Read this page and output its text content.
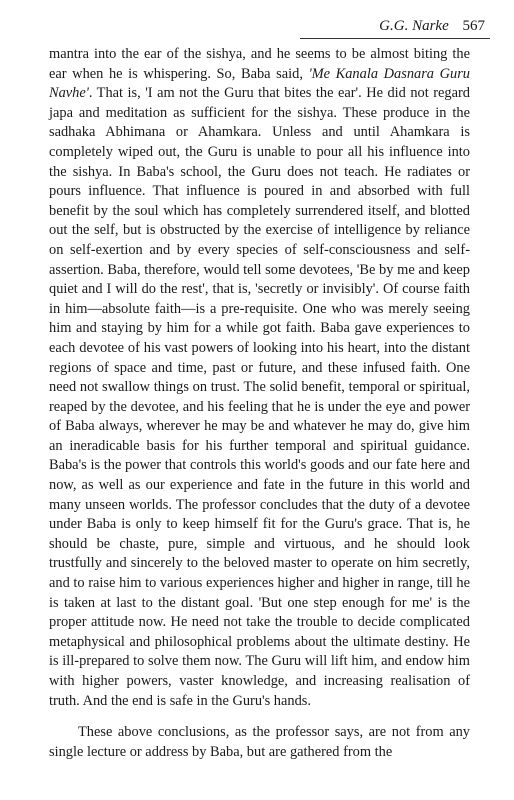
G.G. Narke 567

mantra into the ear of the sishya, and he seems to be almost biting the ear when he is whispering. So, Baba said, 'Me Kanala Dasnara Guru Navhe'. That is, 'I am not the Guru that bites the ear'. He did not regard japa and meditation as sufficient for the sishya. These produce in the sadhaka Abhimana or Ahamkara. Unless and until Ahamkara is completely wiped out, the Guru is unable to pour all his influence into the sishya. In Baba's school, the Guru does not teach. He radiates or pours influence. That influence is poured in and absorbed with full benefit by the soul which has completely surrendered itself, and blotted out the self, but is obstructed by the exercise of intelligence by reliance on self-exertion and by every species of self-consciousness and self-assertion. Baba, therefore, would tell some devotees, 'Be by me and keep quiet and I will do the rest', that is, 'secretly or invisibly'. Of course faith in him—absolute faith—is a pre-requisite. One who was merely seeing him and staying by him for a while got faith. Baba gave experiences to each devotee of his vast powers of looking into his heart, into the distant regions of space and time, past or future, and these infused faith. One need not swallow things on trust. The solid benefit, temporal or spiritual, reaped by the devotee, and his feeling that he is under the eye and power of Baba always, wherever he may be and whatever he may do, give him an ineradicable basis for his further temporal and spiritual guidance. Baba's is the power that controls this world's goods and our fate here and now, as well as our experience and fate in the future in this world and many unseen worlds. The professor concludes that the duty of a devotee under Baba is only to keep himself fit for the Guru's grace. That is, he should be chaste, pure, simple and virtuous, and he should look trustfully and sincerely to the beloved master to operate on him secretly, and to raise him to various experiences higher and higher in range, till he is taken at last to the distant goal. 'But one step enough for me' is the proper attitude now. He need not take the trouble to decide complicated metaphysical and philosophical problems about the ultimate destiny. He is ill-prepared to solve them now. The Guru will lift him, and endow him with higher powers, vaster knowledge, and increasing realisation of truth. And the end is safe in the Guru's hands.

These above conclusions, as the professor says, are not from any single lecture or address by Baba, but are gathered from the
